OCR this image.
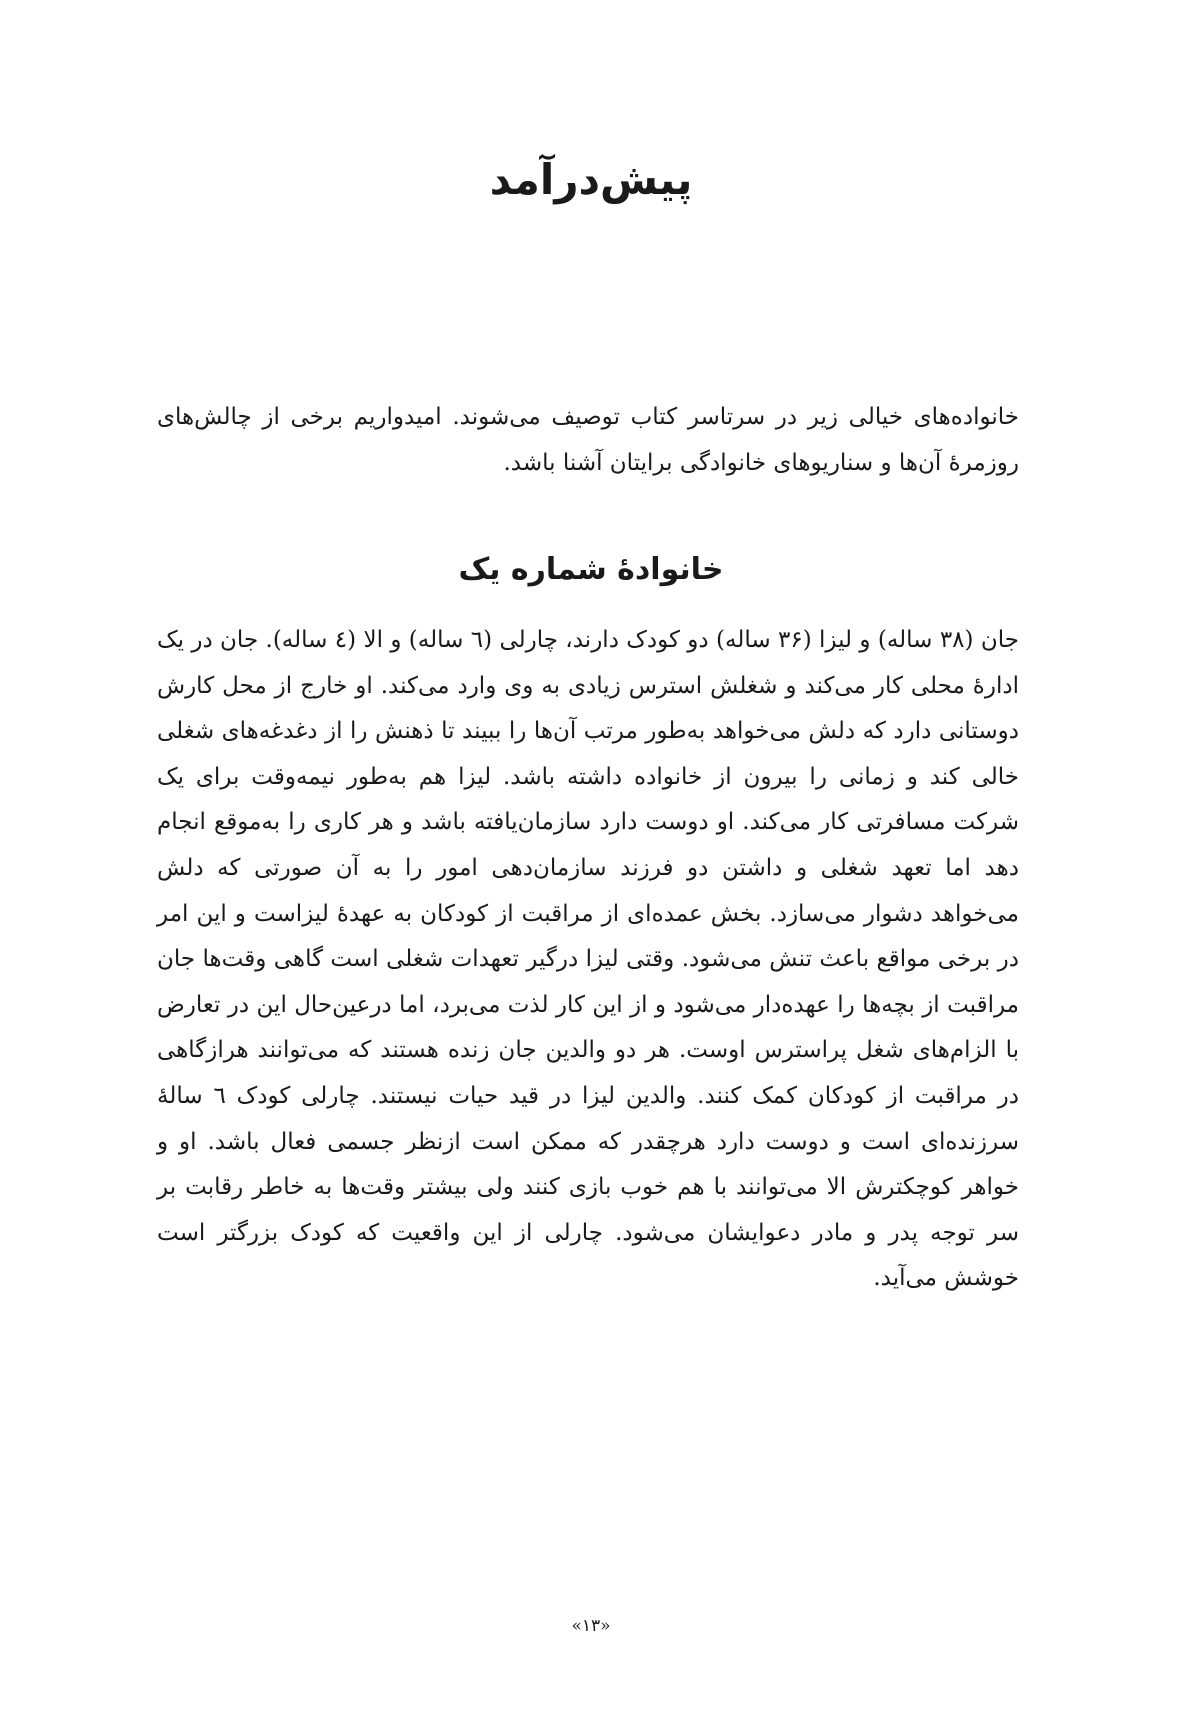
پیش‌درآمد

خانواده‌های خیالی زیر در سرتاسر کتاب توصیف می‌شوند. امیدواریم برخی از چالش‌های روزمرهٔ آن‌ها و سناریوهای خانوادگی برایتان آشنا باشد.

خانوادهٔ شماره یک

جان (۳۸ ساله) و لیزا (۳۶ ساله) دو کودک دارند، چارلی (٦ ساله) و الا (٤ ساله). جان در یک ادارهٔ محلی کار می‌کند و شغلش استرس زیادی به وی وارد می‌کند. او خارج از محل کارش دوستانی دارد که دلش می‌خواهد به‌طور مرتب آن‌ها را ببیند تا ذهنش را از دغدغه‌های شغلی خالی کند و زمانی را بیرون از خانواده داشته باشد. لیزا هم به‌طور نیمه‌وقت برای یک شرکت مسافرتی کار می‌کند. او دوست دارد سازمان‌یافته باشد و هر کاری را به‌موقع انجام دهد اما تعهد شغلی و داشتن دو فرزند سازمان‌دهی امور را به آن صورتی که دلش می‌خواهد دشوار می‌سازد. بخش عمده‌ای از مراقبت از کودکان به عهدهٔ لیزاست و این امر در برخی مواقع باعث تنش می‌شود. وقتی لیزا درگیر تعهدات شغلی است گاهی وقت‌ها جان مراقبت از بچه‌ها را عهده‌دار می‌شود و از این کار لذت می‌برد، اما درعین‌حال این در تعارض با الزام‌های شغل پراسترس اوست. هر دو والدین جان زنده هستند که می‌توانند هرازگاهی در مراقبت از کودکان کمک کنند. والدین لیزا در قید حیات نیستند. چارلی کودک ٦ سالهٔ سرزنده‌ای است و دوست دارد هرچقدر که ممکن است ازنظر جسمی فعال باشد. او و خواهر کوچکترش الا می‌توانند با هم خوب بازی کنند ولی بیشتر وقت‌ها به خاطر رقابت بر سر توجه پدر و مادر دعوایشان می‌شود. چارلی از این واقعیت که کودک بزرگتر است خوشش می‌آید.

«۱۳»
